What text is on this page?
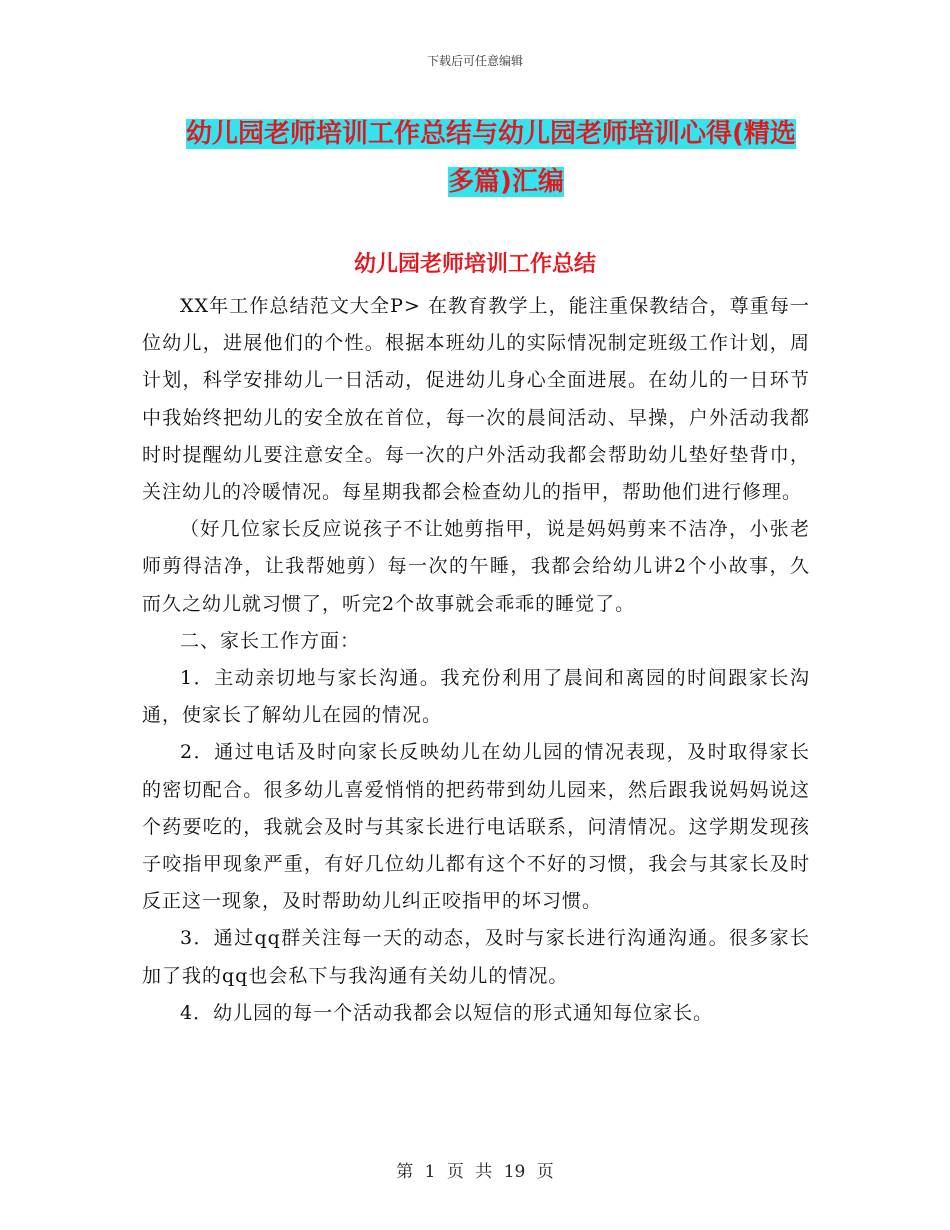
下载后可任意编辑
幼儿园老师培训工作总结与幼儿园老师培训心得(精选

多篇)汇编
幼儿园老师培训工作总结

XX年工作总结范文大全P> 在教育教学上，能注重保教结合，尊重每一位幼儿，进展他们的个性。根据本班幼儿的实际情况制定班级工作计划，周计划，科学安排幼儿一日活动，促进幼儿身心全面进展。在幼儿的一日环节中我始终把幼儿的安全放在首位，每一次的晨间活动、早操，户外活动我都时时提醒幼儿要注意安全。每一次的户外活动我都会帮助幼儿垫好垫背巾，关注幼儿的冷暖情况。每星期我都会检查幼儿的指甲，帮助他们进行修理。

（好几位家长反应说孩子不让她剪指甲，说是妈妈剪来不洁净，小张老师剪得洁净，让我帮她剪）每一次的午睡，我都会给幼儿讲2个小故事，久而久之幼儿就习惯了，听完2个故事就会乖乖的睡觉了。

二、家长工作方面：

1．主动亲切地与家长沟通。我充份利用了晨间和离园的时间跟家长沟通，使家长了解幼儿在园的情况。

2．通过电话及时向家长反映幼儿在幼儿园的情况表现，及时取得家长的密切配合。很多幼儿喜爱悄悄的把药带到幼儿园来，然后跟我说妈妈说这个药要吃的，我就会及时与其家长进行电话联系，问清情况。这学期发现孩子咬指甲现象严重，有好几位幼儿都有这个不好的习惯，我会与其家长及时反正这一现象，及时帮助幼儿纠正咬指甲的坏习惯。

3．通过qq群关注每一天的动态，及时与家长进行沟通沟通。很多家长加了我的qq也会私下与我沟通有关幼儿的情况。

4．幼儿园的每一个活动我都会以短信的形式通知每位家长。

第 1 页 共 19 页
